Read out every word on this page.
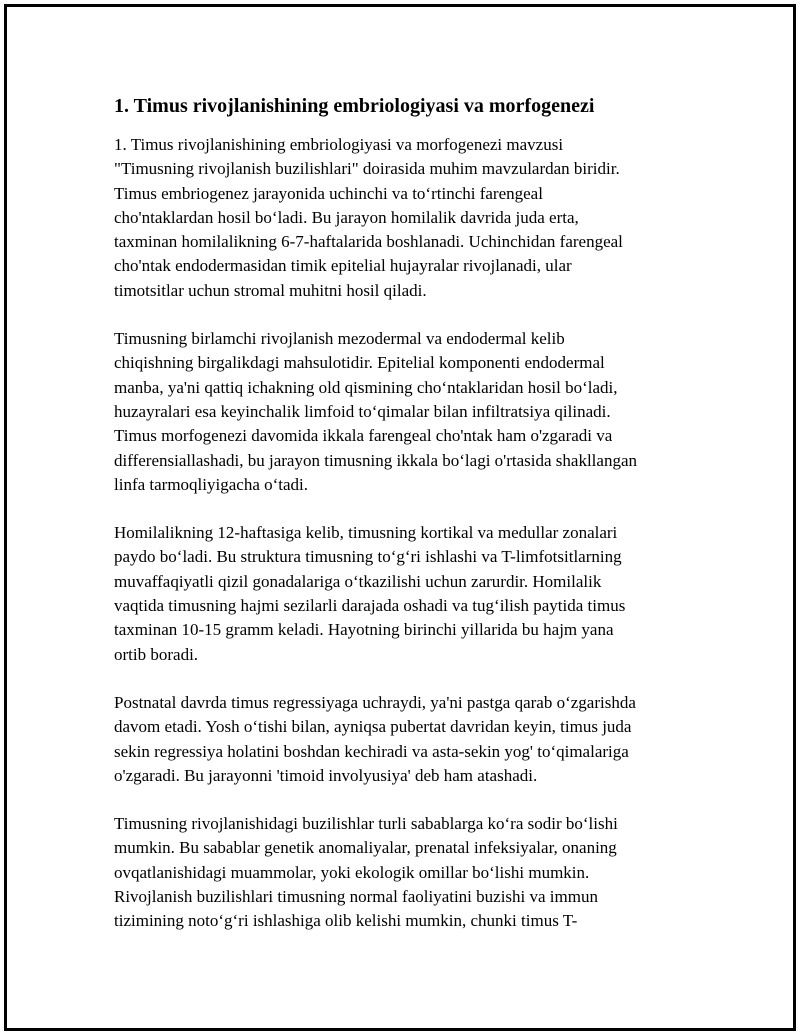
1. Timus rivojlanishining embriologiyasi va morfogenezi
1. Timus rivojlanishining embriologiyasi va morfogenezi mavzusi
"Timusning rivojlanish buzilishlari" doirasida muhim mavzulardan biridir.
Timus embriogenez jarayonida uchinchi va to‘rtinchi farengeal
cho'ntaklardan hosil bo‘ladi. Bu jarayon homilalik davrida juda erta,
taxminan homilalikning 6-7-haftalarida boshlanadi. Uchinchidan farengeal
cho'ntak endodermasidan timik epitelial hujayralar rivojlanadi, ular
timotsitlar uchun stromal muhitni hosil qiladi.
Timusning birlamchi rivojlanish mezodermal va endodermal kelib
chiqishning birgalikdagi mahsulotidir. Epitelial komponenti endodermal
manba, ya'ni qattiq ichakning old qismining cho‘ntaklaridan hosil bo‘ladi,
huzayralari esa keyinchalik limfoid to‘qimalar bilan infiltratsiya qilinadi.
Timus morfogenezi davomida ikkala farengeal cho'ntak ham o'zgaradi va
differensiallashadi, bu jarayon timusning ikkala bo‘lagi o'rtasida shakllangan
linfa tarmoqliyigacha o‘tadi.
Homilalikning 12-haftasiga kelib, timusning kortikal va medullar zonalari
paydo bo‘ladi. Bu struktura timusning to‘g‘ri ishlashi va T-limfotsitlarning
muvaffaqiyatli qizil gonadalariga o‘tkazilishi uchun zarurdir. Homilalik
vaqtida timusning hajmi sezilarli darajada oshadi va tug‘ilish paytida timus
taxminan 10-15 gramm keladi. Hayotning birinchi yillarida bu hajm yana
ortib boradi.
Postnatal davrda timus regressiyaga uchraydi, ya'ni pastga qarab o‘zgarishda
davom etadi. Yosh o‘tishi bilan, ayniqsa pubertat davridan keyin, timus juda
sekin regressiya holatini boshdan kechiradi va asta-sekin yog' to‘qimalariga
o'zgaradi. Bu jarayonni 'timoid involyusiya' deb ham atashadi.
Timusning rivojlanishidagi buzilishlar turli sabablarga ko‘ra sodir bo‘lishi
mumkin. Bu sabablar genetik anomaliyalar, prenatal infeksiyalar, onaning
ovqatlanishidagi muammolar, yoki ekologik omillar bo‘lishi mumkin.
Rivojlanish buzilishlari timusning normal faoliyatini buzishi va immun
tizimining noto‘g‘ri ishlashiga olib kelishi mumkin, chunki timus T-
